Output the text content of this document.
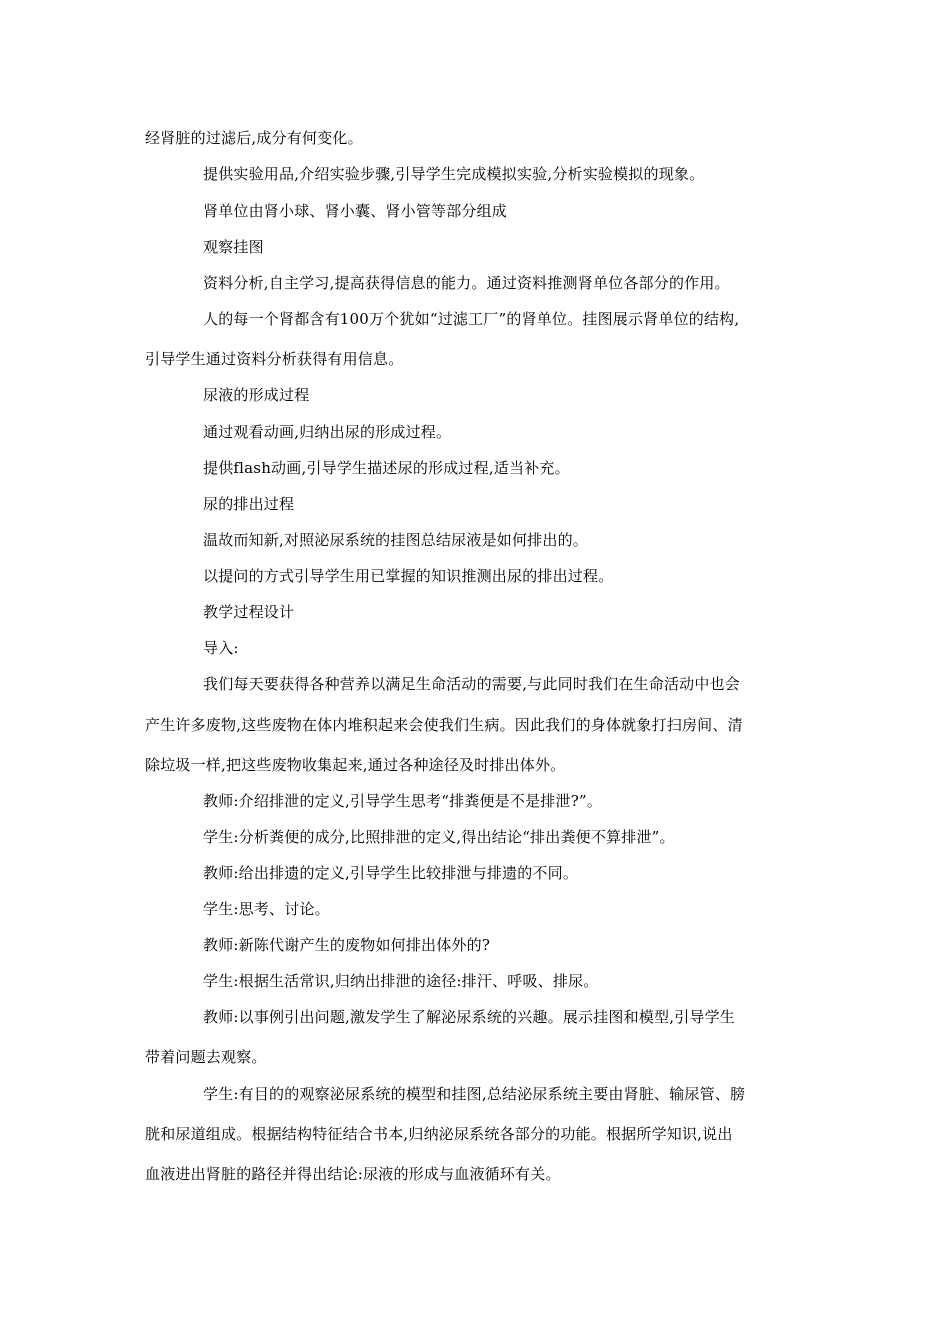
经肾脏的过滤后,成分有何变化。
提供实验用品,介绍实验步骤,引导学生完成模拟实验,分析实验模拟的现象。
肾单位由肾小球、肾小囊、肾小管等部分组成
观察挂图
资料分析,自主学习,提高获得信息的能力。通过资料推测肾单位各部分的作用。
人的每一个肾都含有100万个犹如“过滤工厂”的肾单位。挂图展示肾单位的结构,
引导学生通过资料分析获得有用信息。
尿液的形成过程
通过观看动画,归纳出尿的形成过程。
提供flash动画,引导学生描述尿的形成过程,适当补充。
尿的排出过程
温故而知新,对照泌尿系统的挂图总结尿液是如何排出的。
以提问的方式引导学生用已掌握的知识推测出尿的排出过程。
教学过程设计
导入:
我们每天要获得各种营养以满足生命活动的需要,与此同时我们在生命活动中也会
产生许多废物,这些废物在体内堆积起来会使我们生病。因此我们的身体就象打扫房间、清
除垃圾一样,把这些废物收集起来,通过各种途径及时排出体外。
教师:介绍排泄的定义,引导学生思考“排粪便是不是排泄?”。
学生:分析粪便的成分,比照排泄的定义,得出结论“排出粪便不算排泄”。
教师:给出排遗的定义,引导学生比较排泄与排遗的不同。
学生:思考、讨论。
教师:新陈代谢产生的废物如何排出体外的?
学生:根据生活常识,归纳出排泄的途径:排汗、呼吸、排尿。
教师:以事例引出问题,激发学生了解泌尿系统的兴趣。展示挂图和模型,引导学生
带着问题去观察。
学生:有目的的观察泌尿系统的模型和挂图,总结泌尿系统主要由肾脏、输尿管、膀
胱和尿道组成。根据结构特征结合书本,归纳泌尿系统各部分的功能。根据所学知识,说出
血液进出肾脏的路径并得出结论:尿液的形成与血液循环有关。
